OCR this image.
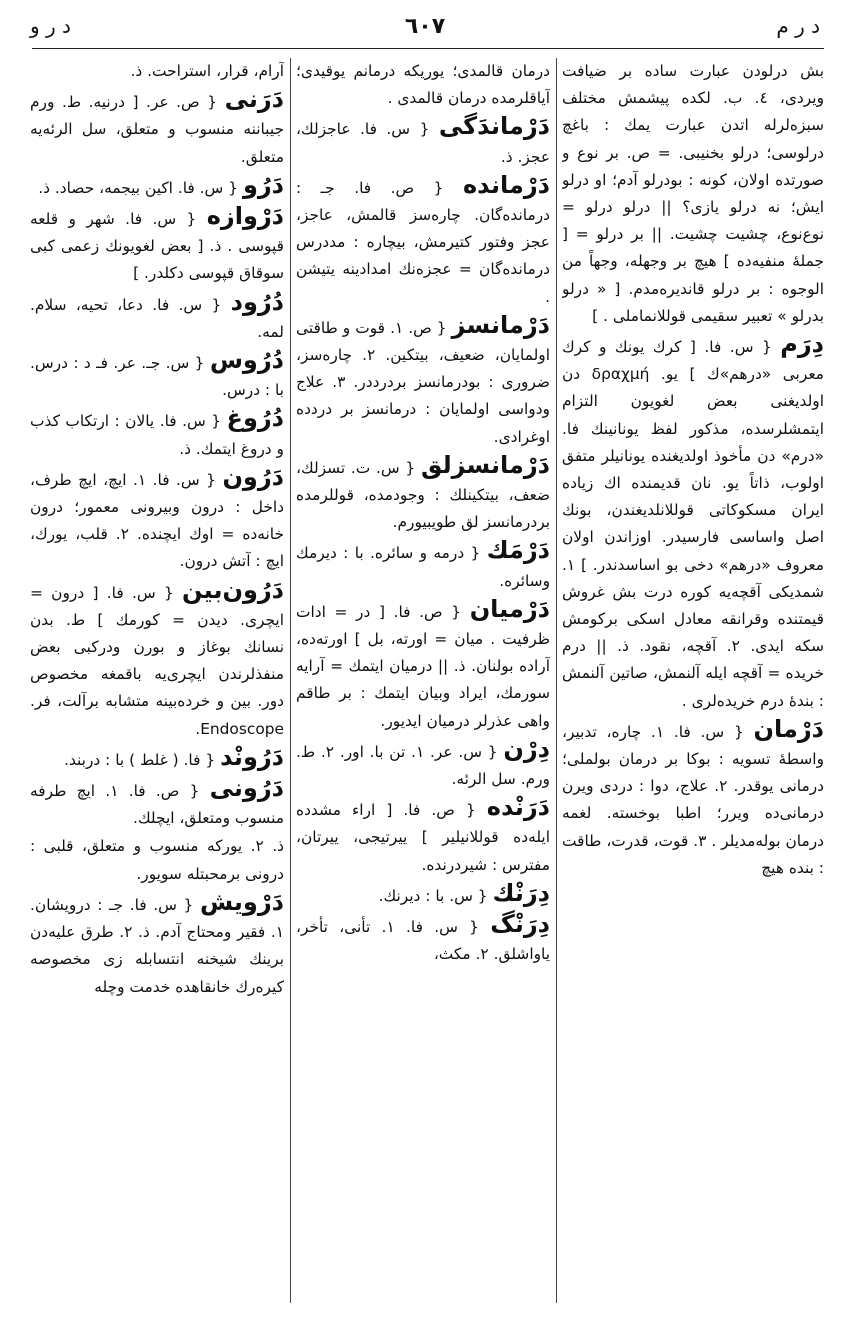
د ر م
٦٠٧
د ر و
بش درلودن عبارت ساده بر ضیافت ویردی، ٤. ب. لکده پیشمش مختلف سبزه‌لرله اتدن عبارت یمك : باغچ درلوسی؛ درلو بخنیبی. = ص. بر نوع و صورتده اولان، کونه : بودرلو آدم؛ او درلو ایش؛ نه درلو یازی؟ || درلو درلو = نوع‌نوع، چشیت چشیت. || بر درلو = [ جملهٔ منفیه‌ده ] هیچ بر وجهله، وجهاً من الوجوه : بر درلو قاندیره‌مدم. [ « درلو بدرلو » تعبیر سقیمی قوللانماملی . ]
دِرَم { س. فا. [ کرك یونك و کرك معربی «درهم»ك ] یو. δραχμή دن اولدیغنی بعض لغویون التزام ایتمشلرسده، مذکور لفظ یونانینك فا. «درم» دن مأخوذ اولدیغنده یونانیلر متفق اولوب، ذاتاً یو. نان قدیمنده اك زیاده ایران مسکوکاتی قوللانلدیغندن، بونك اصل واساسی فارسیدر. اوزاندن اولان معروف «درهم» دخی بو اساسدندر. ] ١. شمدیکی آقچه‌یه کوره درت بش غروش قیمتنده وقرانقه معادل اسکی برکومش سکه ایدی. ٢. آقچه، نقود. ذ. || درم خریده = آقچه ایله آلنمش، صاتین آلنمش : بندهٔ درم خریده‌لری .
دَرْمان { س. فا. ١. چاره، تدبیر، واسطهٔ تسویه : بوکا بر درمان بولملی؛ درمانی یوقدر. ٢. علاج، دوا : دردی ویرن درمانی‌ده ویرر؛ اطبا بوخسته. لغمه درمان بوله‌مدیلر . ٣. قوت، قدرت، طاقت : بنده هیچ
درمان قالمدی؛ یوریکه درمانم یوقیدی؛ آیاقلرمده درمان قالمدی .
دَرْماندَگی { س. فا. عاجزلك، عجز. ذ.
دَرْمانده { ص. فا. جـ : درمانده‌گان. چاره‌سز قالمش، عاجز، عجز وفتور کتیرمش، بیچاره : مددرس درمانده‌گان = عجزه‌نك امدادینه یتیشن .
دَرْمانسز { ص. ١. قوت و طاقتی اولمایان، ضعیف، بیتکین. ٢. چاره‌سز، ضروری : بودرمانسز بردرددر. ٣. علاج ودواسی اولمایان : درمانسز بر دردده اوغرادی.
دَرْمانسزلق { س. ت. تسزلك، ضعف، بیتکینلك : وجودمده، قوللرمده بردرمانسز‌ لق طویبیورم.
دَرْمَك { درمه و سائره. با : دیرمك وسائره.
دَرْمیان { ص. فا. [ در = ادات ظرفیت . میان = اورته، بل ] اورته‌ده، آراده بولنان. ذ. || درمیان ایتمك = آرایه سورمك، ایراد وبیان ایتمك : بر طاقم واهی عذرلر درمیان ایدیور.
دِرْن { س. عر. ١. تن با. اور. ٢. ط. ورم. سل الرئه.
دَرَنْده { ص. فا. [ اراء مشدده ایله‌ده قوللانیلیر ] ییرتیجی، ییرتان، مفترس : شیردرنده.
دِرَنْك { س. با : دیرنك.
دِرَنْگ { س. فا. ١. تأنی، تأخر، یاواشلق. ٢. مکث،
آرام، قرار، استراحت. ذ.
دَرَنی { ص. عر. [ درنیه. ط. ورم جیباننه منسوب و متعلق، سل الرئه‌یه متعلق.
دَرُو { س. فا. اکین بیجمه، حصاد. ذ.
دَرْوازه { س. فا. شهر و قلعه قپوسی . ذ. [ بعض لغویونك زعمی کبی سوقاق قپوسی دکلدر. ]
دُرُود { س. فا. دعا، تحیه، سلام. لمه.
دُرُوس { س. جـ. عر. فـ د : درس. با : درس.
دُرُوغ { س. فا. یالان : ارتکاب کذب و دروغ ایتمك. ذ.
دَرُون { س. فا. ١. ایچ، ایچ طرف، داخل : درون وبیرونی معمور؛ درون خانه‌ده = اوك ایچنده. ٢. قلب، یورك، ایچ : آتش درون.
دَرُون‌بین { س. فا. [ درون = ایچری. دیدن = کورمك ] ط. بدن نسانك بوغاز و بورن ودرکبی بعض منفذلرندن ایچری‌یه باقمغه مخصوص دور. بین و خرده‌بینه متشابه برآلت، فر. Endoscope.
دَرُونْد { فا. ( غلط ) با : دربند.
دَرُونی { ص. فا. ١. ایچ طرفه منسوب ومتعلق، ایچلك.
ذ. ٢. یورکه منسوب و متعلق، قلبی : درونی برمحبتله سویور.
دَرْویش { س. فا. جـ : درویشان. ١. فقیر ومحتاج آدم. ذ. ٢. طرق علیه‌دن برینك شیخنه انتسابله زی مخصوصه کیره‌رك خانقاهده خدمت وچله
